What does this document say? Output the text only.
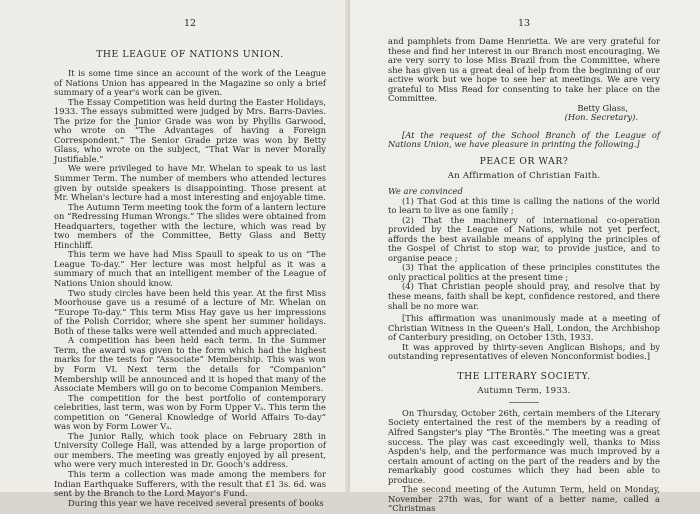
12
THE LEAGUE OF NATIONS UNION.

It is some time since an account of the work of the League of Nations Union has appeared in the Magazine so only a brief summary of a year's work can be given.

The Essay Competition was held during the Easter Holidays, 1933. The essays submitted were judged by Mrs. Barrs-Davies. The prize for the Junior Grade was won by Phyllis Garwood, who wrote on “The Advantages of having a Foreign Correspondent.” The Senior Grade prize was won by Betty Glass, who wrote on the subject, “That War is never Morally Justifiable.”

We were privileged to have Mr. Whelan to speak to us last Summer Term. The number of members who attended lectures given by outside speakers is disappointing. Those present at Mr. Whelan's lecture had a most interesting and enjoyable time.

The Autumn Term meeting took the form of a lantern lecture on “Redressing Human Wrongs.” The slides were obtained from Headquarters, together with the lecture, which was read by two members of the Committee, Betty Glass and Betty Hinchliff.

This term we have had Miss Spaull to speak to us on “The League To-day.” Her lecture was most helpful as it was a summary of much that an intelligent member of the League of Nations Union should know.

Two study circles have been held this year. At the first Miss Moorhouse gave us a resumé of a lecture of Mr. Whelan on “Europe To-day.” This term Miss Hay gave us her impressions of the Polish Corridor, where she spent her summer holidays. Both of these talks were well attended and much appreciated.

A competition has been held each term. In the Summer Term, the award was given to the form which had the highest marks for the tests for “Associate” Membership. This was won by Form VI. Next term the details for “Companion” Membership will be announced and it is hoped that many of the Associate Members will go on to become Companion Members.

The competition for the best portfolio of contemporary celebrities, last term, was won by Form Upper Vₐ. This term the competition on “General Knowledge of World Affairs To-day” was won by Form Lower Vₐ.

The Junior Rally, which took place on February 28th in University College Hall, was attended by a large proportion of our members. The meeting was greatly enjoyed by all present, who were very much interested in Dr. Gooch's address.

This term a collection was made among the members for Indian Earthquake Sufferers, with the result that £1 3s. 6d. was sent by the Branch to the Lord Mayor's Fund.

During this year we have received several presents of books

13

and pamphlets from Dame Henrietta. We are very grateful for these and find her interest in our Branch most encouraging. We are very sorry to lose Miss Brazil from the Committee, where she has given us a great deal of help from the beginning of our active work but we hope to see her at meetings. We are very grateful to Miss Read for consenting to take her place on the Committee.

Betty Glass,
(Hon. Secretary).
[At the request of the School Branch of the League of Nations Union, we have pleasure in printing the following.]
PEACE OR WAR?
An Affirmation of Christian Faith.
We are convinced

(1) That God at this time is calling the nations of the world to learn to live as one family ;

(2) That the machinery of international co-operation provided by the League of Nations, while not yet perfect, affords the best available means of applying the principles of the Gospel of Christ to stop war, to provide justice, and to organise peace ;

(3) That the application of these principles constitutes the only practical politics at the present time ;

(4) That Christian people should pray, and resolve that by these means, faith shall be kept, confidence restored, and there shall be no more war.

[This affirmation was unanimously made at a meeting of Christian Witness in the Queen's Hall, London, the Archbishop of Canterbury presiding, on October 13th, 1933.

It was approved by thirty-seven Anglican Bishops, and by outstanding representatives of eleven Nonconformist bodies.]

THE LITERARY SOCIETY.
Autumn Term, 1933.

On Thursday, October 26th, certain members of the Literary Society entertained the rest of the members by a reading of Alfred Sangster's play “The Brontës.” The meeting was a great success. The play was cast exceedingly well, thanks to Miss Aspden's help, and the performance was much improved by a certain amount of acting on the part of the readers and by the remarkably good costumes which they had been able to produce.

The second meeting of the Autumn Term, held on Monday, November 27th was, for want of a better name, called a “Christmas
